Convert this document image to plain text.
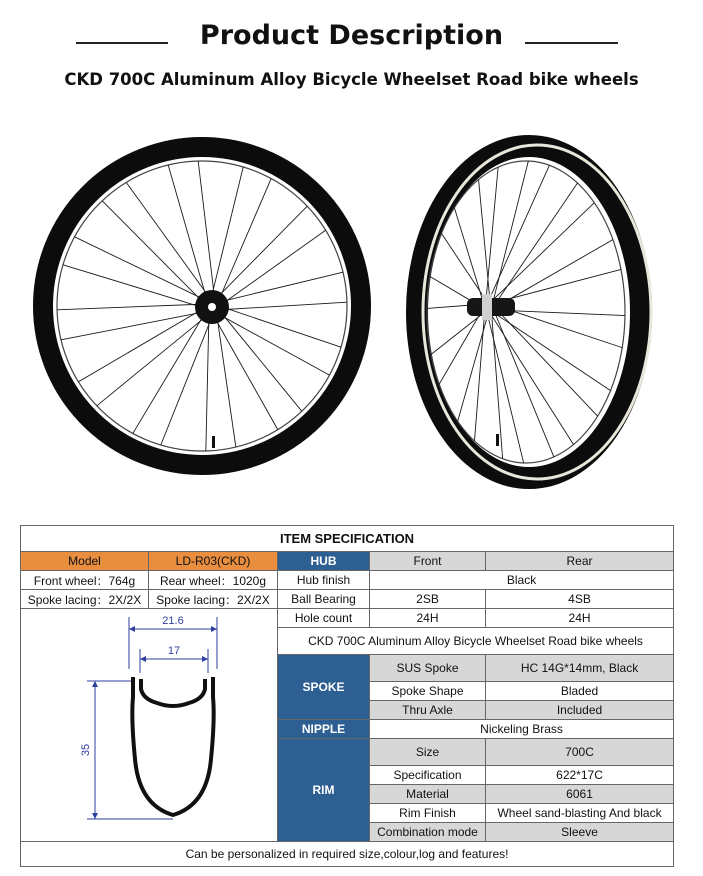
Product Description
CKD 700C Aluminum Alloy Bicycle Wheelset Road bike wheels
ITEM SPECIFICATION				
Model	LD-R03(CKD)	HUB	Front	Rear
Front wheel：764g	Rear wheel：1020g	Hub finish	Black	
Spoke lacing：2X/2X	Spoke lacing：2X/2X	Ball Bearing	2SB	4SB

21.6
17
35		Hole count	24H	24H
		CKD 700C Aluminum Alloy Bicycle Wheelset Road bike wheels		

		SPOKE	SUS Spoke	HC 14G*14mm, Black
			Spoke Shape	Bladed
			Thru Axle	Included
		NIPPLE	Nickeling Brass	
		RIM	Size	700C
			Specification	622*17C
			Material	6061
			Rim Finish	Wheel sand-blasting And black
			Combination mode	Sleeve

Can be personalized in required size,colour,log and features!				
